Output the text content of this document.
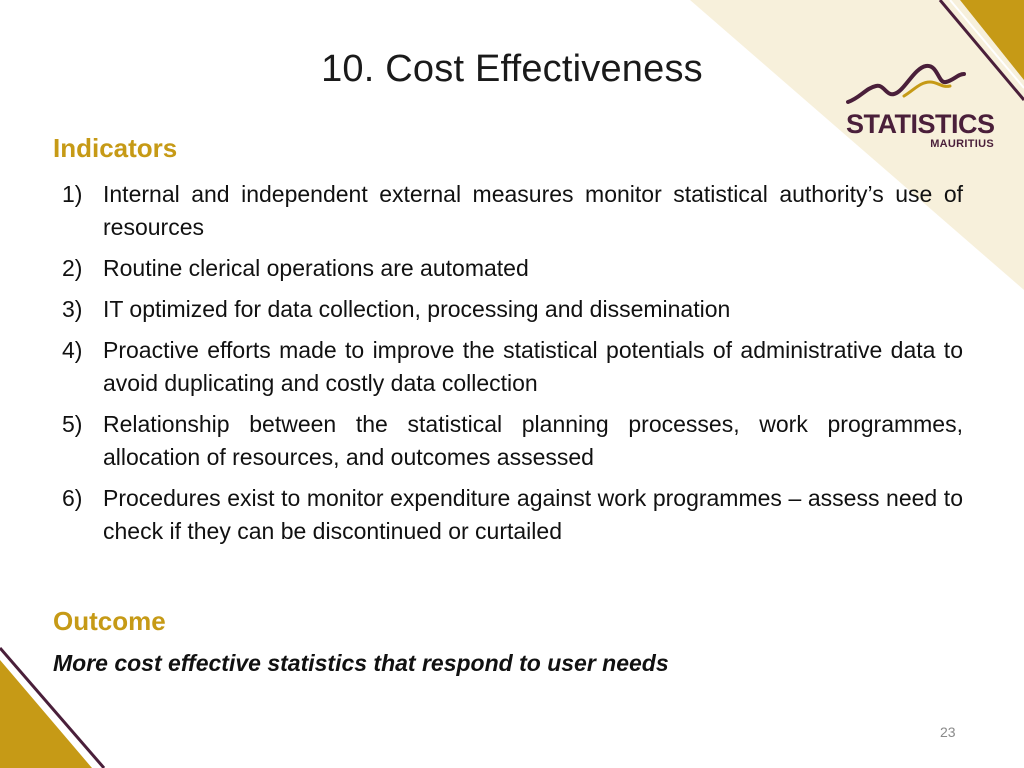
10. Cost Effectiveness
STATISTICS
MAURITIUS
Indicators
1) Internal and independent external measures monitor statistical authority’s use of resources
2) Routine clerical operations are automated
3) IT optimized for data collection, processing and dissemination
4) Proactive efforts made to improve the statistical potentials of administrative data to avoid duplicating and costly data collection
5) Relationship between the statistical planning processes, work programmes, allocation of resources, and outcomes assessed
6) Procedures exist to monitor expenditure against work programmes – assess need to check if they can be discontinued or curtailed
Outcome
More cost effective statistics that respond to user needs
23
